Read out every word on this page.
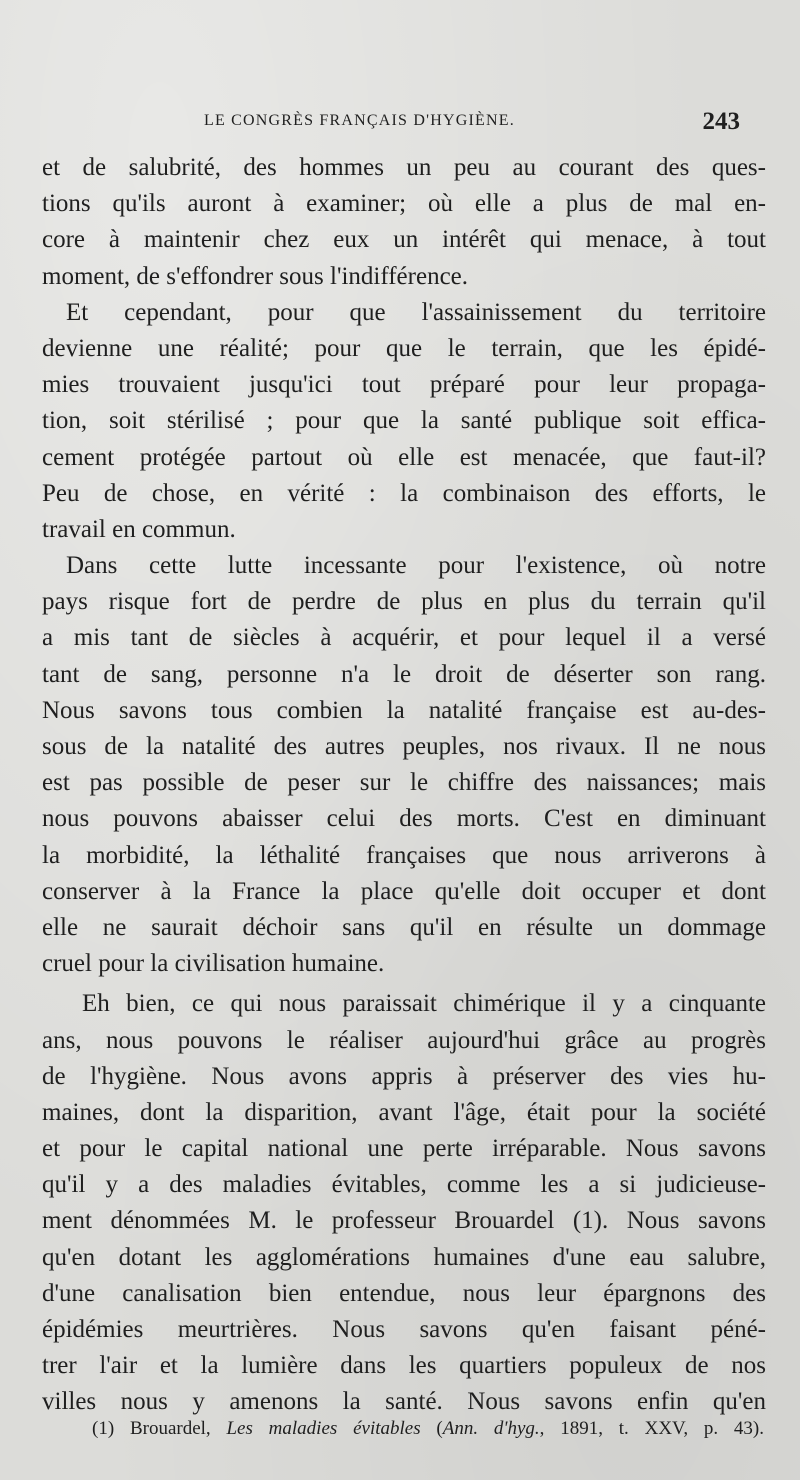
LE CONGRÈS FRANÇAIS D'HYGIÈNE.	243
et de salubrité, des hommes un peu au courant des ques-
tions qu'ils auront à examiner; où elle a plus de mal en-
core à maintenir chez eux un intérêt qui menace, à tout
moment, de s'effondrer sous l'indifférence.
Et cependant, pour que l'assainissement du territoire
devienne une réalité; pour que le terrain, que les épidé-
mies trouvaient jusqu'ici tout préparé pour leur propaga-
tion, soit stérilisé ; pour que la santé publique soit effica-
cement protégée partout où elle est menacée, que faut-il?
Peu de chose, en vérité : la combinaison des efforts, le
travail en commun.
Dans cette lutte incessante pour l'existence, où notre
pays risque fort de perdre de plus en plus du terrain qu'il
a mis tant de siècles à acquérir, et pour lequel il a versé
tant de sang, personne n'a le droit de déserter son rang.
Nous savons tous combien la natalité française est au-des-
sous de la natalité des autres peuples, nos rivaux. Il ne nous
est pas possible de peser sur le chiffre des naissances; mais
nous pouvons abaisser celui des morts. C'est en diminuant
la morbidité, la léthalité françaises que nous arriverons à
conserver à la France la place qu'elle doit occuper et dont
elle ne saurait déchoir sans qu'il en résulte un dommage
cruel pour la civilisation humaine.
Eh bien, ce qui nous paraissait chimérique il y a cinquante
ans, nous pouvons le réaliser aujourd'hui grâce au progrès
de l'hygiène. Nous avons appris à préserver des vies hu-
maines, dont la disparition, avant l'âge, était pour la société
et pour le capital national une perte irréparable. Nous savons
qu'il y a des maladies évitables, comme les a si judicieuse-
ment dénommées M. le professeur Brouardel (1). Nous savons
qu'en dotant les agglomérations humaines d'une eau salubre,
d'une canalisation bien entendue, nous leur épargnons des
épidémies meurtrières. Nous savons qu'en faisant péné-
trer l'air et la lumière dans les quartiers populeux de nos
villes nous y amenons la santé. Nous savons enfin qu'en
(1) Brouardel, Les maladies évitables (Ann. d'hyg., 1891, t. XXV, p. 43).
